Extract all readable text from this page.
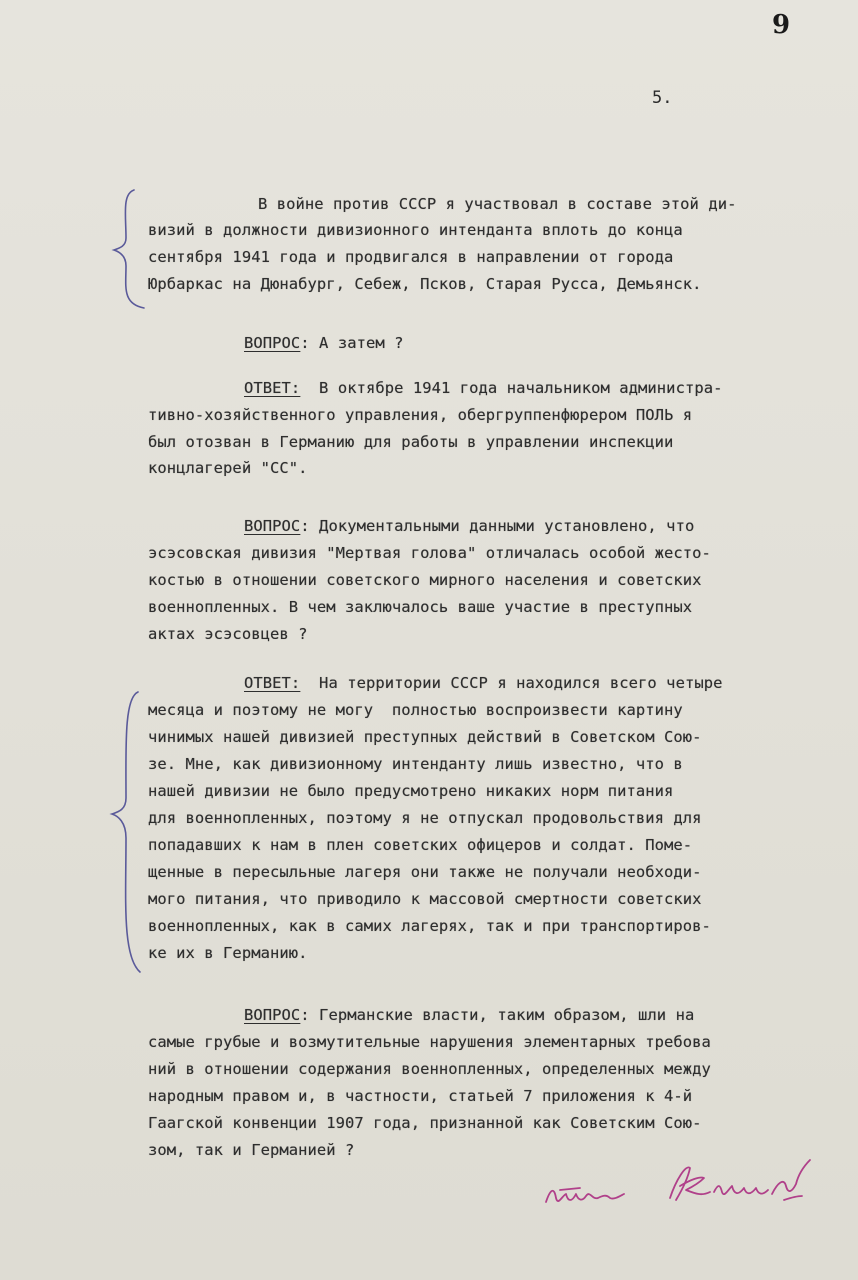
9
5.
В войне против СССР я участвовал в составе этой ди-
визий в должности дивизионного интенданта вплоть до конца
сентября 1941 года и продвигался в направлении от города
Юрбаркас на Дюнабург, Себеж, Псков, Старая Русса, Демьянск.
ВОПРОС: А затем ?
ОТВЕТ:  В октябре 1941 года начальником администра-
тивно-хозяйственного управления, обергруппенфюрером ПОЛЬ я
был отозван в Германию для работы в управлении инспекции
концлагерей "СС".
ВОПРОС: Документальными данными установлено, что
эсэсовская дивизия "Мертвая голова" отличалась особой жесто-
костью в отношении советского мирного населения и советских
военнопленных. В чем заключалось ваше участие в преступных
актах эсэсовцев ?
ОТВЕТ:  На территории СССР я находился всего четыре
месяца и поэтому не могу  полностью воспроизвести картину
чинимых нашей дивизией преступных действий в Советском Сою-
зе. Мне, как дивизионному интенданту лишь известно, что в
нашей дивизии не было предусмотрено никаких норм питания
для военнопленных, поэтому я не отпускал продовольствия для
попадавших к нам в плен советских офицеров и солдат. Поме-
щенные в пересыльные лагеря они также не получали необходи-
мого питания, что приводило к массовой смертности советских
военнопленных, как в самих лагерях, так и при транспортиров-
ке их в Германию.
ВОПРОС: Германские власти, таким образом, шли на
самые грубые и возмутительные нарушения элементарных требова
ний в отношении содержания военнопленных, определенных между
народным правом и, в частности, статьей 7 приложения к 4-й
Гаагской конвенции 1907 года, признанной как Советским Сою-
зом, так и Германией ?
